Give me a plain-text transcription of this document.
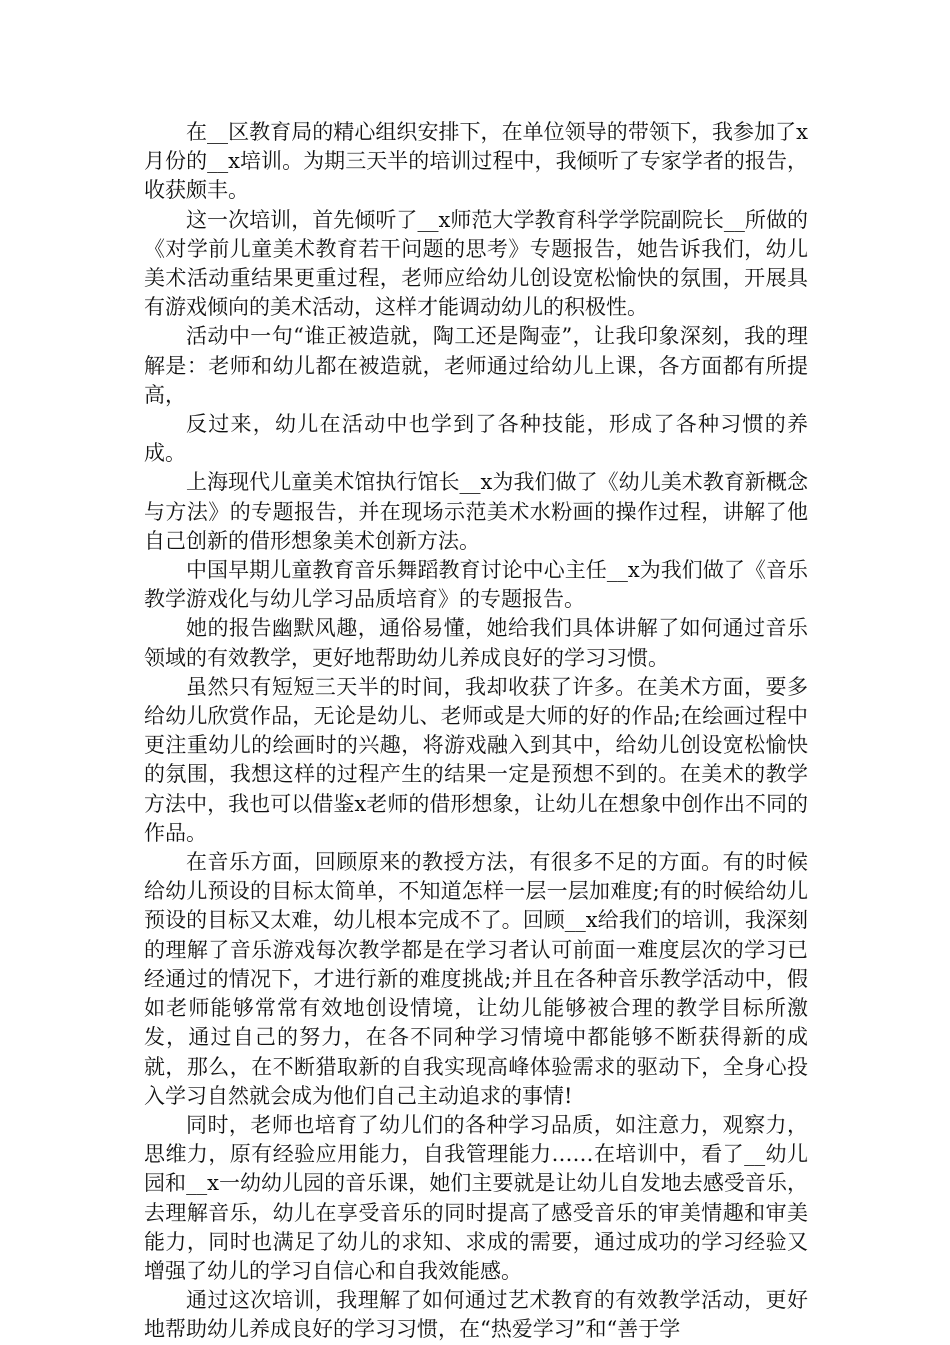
在__区教育局的精心组织安排下，在单位领导的带领下，我参加了x月份的__x培训。为期三天半的培训过程中，我倾听了专家学者的报告，收获颇丰。

这一次培训，首先倾听了__x师范大学教育科学学院副院长__所做的《对学前儿童美术教育若干问题的思考》专题报告，她告诉我们，幼儿美术活动重结果更重过程，老师应给幼儿创设宽松愉快的氛围，开展具有游戏倾向的美术活动，这样才能调动幼儿的积极性。

活动中一句“谁正被造就，陶工还是陶壶”，让我印象深刻，我的理解是：老师和幼儿都在被造就，老师通过给幼儿上课，各方面都有所提高，

反过来，幼儿在活动中也学到了各种技能，形成了各种习惯的养成。

上海现代儿童美术馆执行馆长__x为我们做了《幼儿美术教育新概念与方法》的专题报告，并在现场示范美术水粉画的操作过程，讲解了他自己创新的借形想象美术创新方法。

中国早期儿童教育音乐舞蹈教育讨论中心主任__x为我们做了《音乐教学游戏化与幼儿学习品质培育》的专题报告。

她的报告幽默风趣，通俗易懂，她给我们具体讲解了如何通过音乐领域的有效教学，更好地帮助幼儿养成良好的学习习惯。

虽然只有短短三天半的时间，我却收获了许多。在美术方面，要多给幼儿欣赏作品，无论是幼儿、老师或是大师的好的作品;在绘画过程中更注重幼儿的绘画时的兴趣，将游戏融入到其中，给幼儿创设宽松愉快的氛围，我想这样的过程产生的结果一定是预想不到的。在美术的教学方法中，我也可以借鉴x老师的借形想象，让幼儿在想象中创作出不同的作品。

在音乐方面，回顾原来的教授方法，有很多不足的方面。有的时候给幼儿预设的目标太简单，不知道怎样一层一层加难度;有的时候给幼儿预设的目标又太难，幼儿根本完成不了。回顾__x给我们的培训，我深刻的理解了音乐游戏每次教学都是在学习者认可前面一难度层次的学习已经通过的情况下，才进行新的难度挑战;并且在各种音乐教学活动中，假如老师能够常常有效地创设情境，让幼儿能够被合理的教学目标所激发，通过自己的努力，在各不同种学习情境中都能够不断获得新的成就，那么，在不断猎取新的自我实现高峰体验需求的驱动下，全身心投入学习自然就会成为他们自己主动追求的事情!

同时，老师也培育了幼儿们的各种学习品质，如注意力，观察力，思维力，原有经验应用能力，自我管理能力……在培训中，看了__幼儿园和__x一幼幼儿园的音乐课，她们主要就是让幼儿自发地去感受音乐，去理解音乐，幼儿在享受音乐的同时提高了感受音乐的审美情趣和审美能力，同时也满足了幼儿的求知、求成的需要，通过成功的学习经验又增强了幼儿的学习自信心和自我效能感。

通过这次培训，我理解了如何通过艺术教育的有效教学活动，更好地帮助幼儿养成良好的学习习惯，在“热爱学习”和“善于学
